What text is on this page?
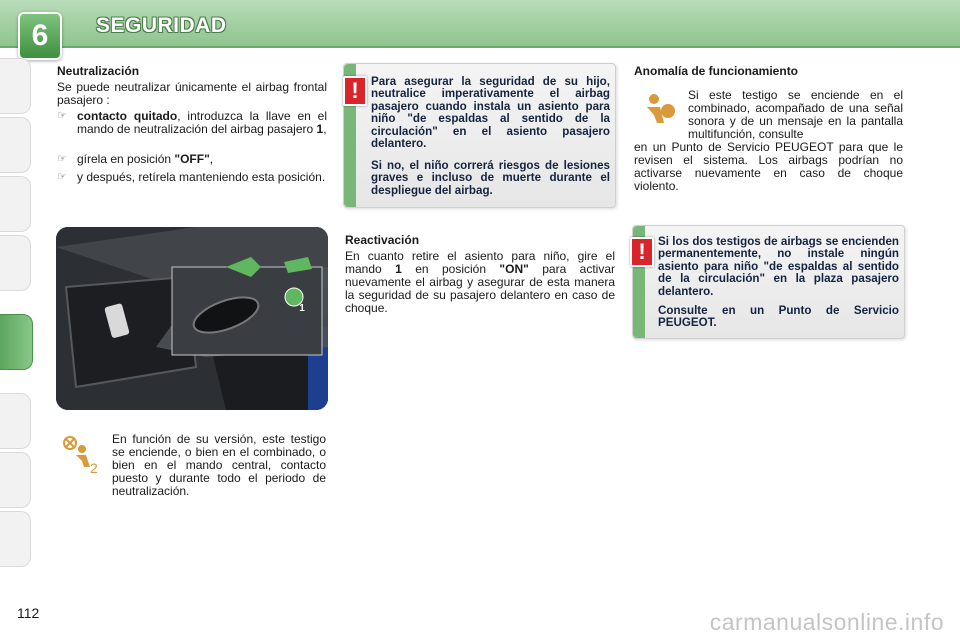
6	SEGURIDAD
Neutralización
Se puede neutralizar únicamente el airbag frontal pasajero :
☞ contacto quitado, introduzca la llave en el mando de neutralización del airbag pasajero 1,
☞ gírela en posición "OFF",
☞ y después, retírela manteniendo esta posición.
1
2
En función de su versión, este testigo se enciende, o bien en el combinado, o bien en el mando central, contacto puesto y durante todo el periodo de neutralización.
!	Para asegurar la seguridad de su hijo, neutralice imperativamente el airbag pasajero cuando instala un asiento para niño "de espaldas al sentido de la circulación" en el asiento pasajero delantero.
Si no, el niño correrá riesgos de lesiones graves e incluso de muerte durante el despliegue del airbag.
Reactivación
En cuanto retire el asiento para niño, gire el mando 1 en posición "ON" para activar nuevamente el airbag y asegurar de esta manera la seguridad de su pasajero delantero en caso de choque.
Anomalía de funcionamiento
Si este testigo se enciende en el combinado, acompañado de una señal sonora y de un mensaje en la pantalla multifunción, consulte
en un Punto de Servicio PEUGEOT para que le revisen el sistema. Los airbags podrían no activarse nuevamente en caso de choque violento.
!	Si los dos testigos de airbags se encienden permanentemente, no instale ningún asiento para niño "de espaldas al sentido de la circulación" en la plaza pasajero delantero.
Consulte en un Punto de Servicio PEUGEOT.
112	carmanualsonline.info
